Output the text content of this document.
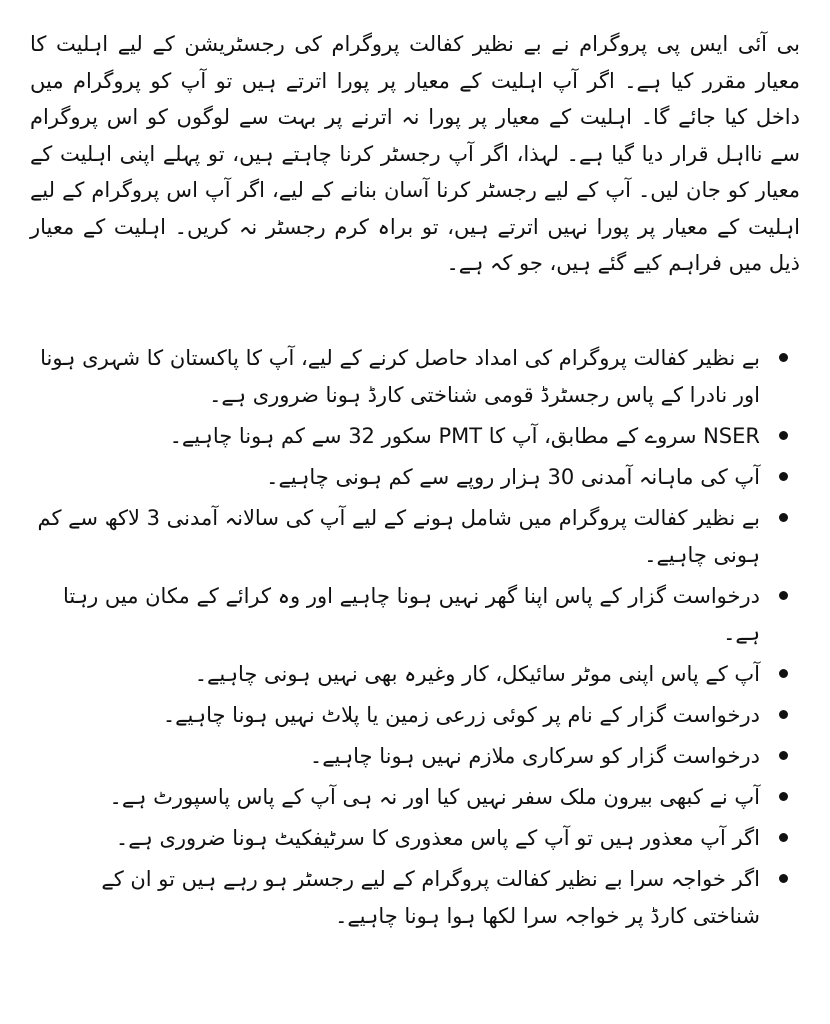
بی آئی ایس پی پروگرام نے بے نظیر کفالت پروگرام کی رجسٹریشن کے لیے اہلیت کا معیار مقرر کیا ہے۔ اگر آپ اہلیت کے معیار پر پورا اترتے ہیں تو آپ کو پروگرام میں داخل کیا جائے گا۔ اہلیت کے معیار پر پورا نہ اترنے پر بہت سے لوگوں کو اس پروگرام سے نااہل قرار دیا گیا ہے۔ لہذا، اگر آپ رجسٹر کرنا چاہتے ہیں، تو پہلے اپنی اہلیت کے معیار کو جان لیں۔ آپ کے لیے رجسٹر کرنا آسان بنانے کے لیے، اگر آپ اس پروگرام کے لیے اہلیت کے معیار پر پورا نہیں اترتے ہیں، تو براہ کرم رجسٹر نہ کریں۔ اہلیت کے معیار ذیل میں فراہم کیے گئے ہیں، جو کہ ہے۔

بے نظیر کفالت پروگرام کی امداد حاصل کرنے کے لیے، آپ کا پاکستان کا شہری ہونا اور نادرا کے پاس رجسٹرڈ قومی شناختی کارڈ ہونا ضروری ہے۔
NSER سروے کے مطابق، آپ کا PMT سکور 32 سے کم ہونا چاہیے۔
آپ کی ماہانہ آمدنی 30 ہزار روپے سے کم ہونی چاہیے۔
بے نظیر کفالت پروگرام میں شامل ہونے کے لیے آپ کی سالانہ آمدنی 3 لاکھ سے کم ہونی چاہیے۔
درخواست گزار کے پاس اپنا گھر نہیں ہونا چاہیے اور وہ کرائے کے مکان میں رہتا ہے۔
آپ کے پاس اپنی موٹر سائیکل، کار وغیرہ بھی نہیں ہونی چاہیے۔
درخواست گزار کے نام پر کوئی زرعی زمین یا پلاٹ نہیں ہونا چاہیے۔
درخواست گزار کو سرکاری ملازم نہیں ہونا چاہیے۔
آپ نے کبھی بیرون ملک سفر نہیں کیا اور نہ ہی آپ کے پاس پاسپورٹ ہے۔
اگر آپ معذور ہیں تو آپ کے پاس معذوری کا سرٹیفکیٹ ہونا ضروری ہے۔
اگر خواجہ سرا بے نظیر کفالت پروگرام کے لیے رجسٹر ہو رہے ہیں تو ان کے شناختی کارڈ پر خواجہ سرا لکھا ہوا ہونا چاہیے۔
